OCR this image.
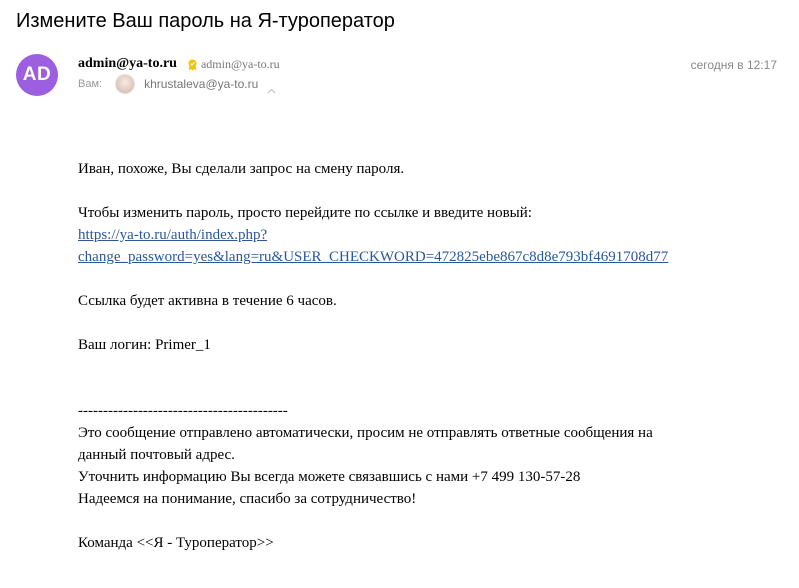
Измените Ваш пароль на Я-туроператор
AD
admin@ya-to.ru admin@ya-to.ru	сегодня в 12:17
Вам:	khrustaleva@ya-to.ru

Иван, похоже, Вы сделали запрос на смену пароля.

Чтобы изменить пароль, просто перейдите по ссылке и введите новый:

https://ya-to.ru/auth/index.php?
change_password=yes&lang=ru&USER_CHECKWORD=472825ebe867c8d8e793bf4691708d77

Ссылка будет активна в течение 6 часов.

Ваш логин: Primer_1

------------------------------------------

Это сообщение отправлено автоматически, просим не отправлять ответные сообщения на

данный почтовый адрес.

Уточнить информацию Вы всегда можете связавшись с нами +7 499 130-57-28

Надеемся на понимание, спасибо за сотрудничество!

Команда <<Я - Туроператор>>
